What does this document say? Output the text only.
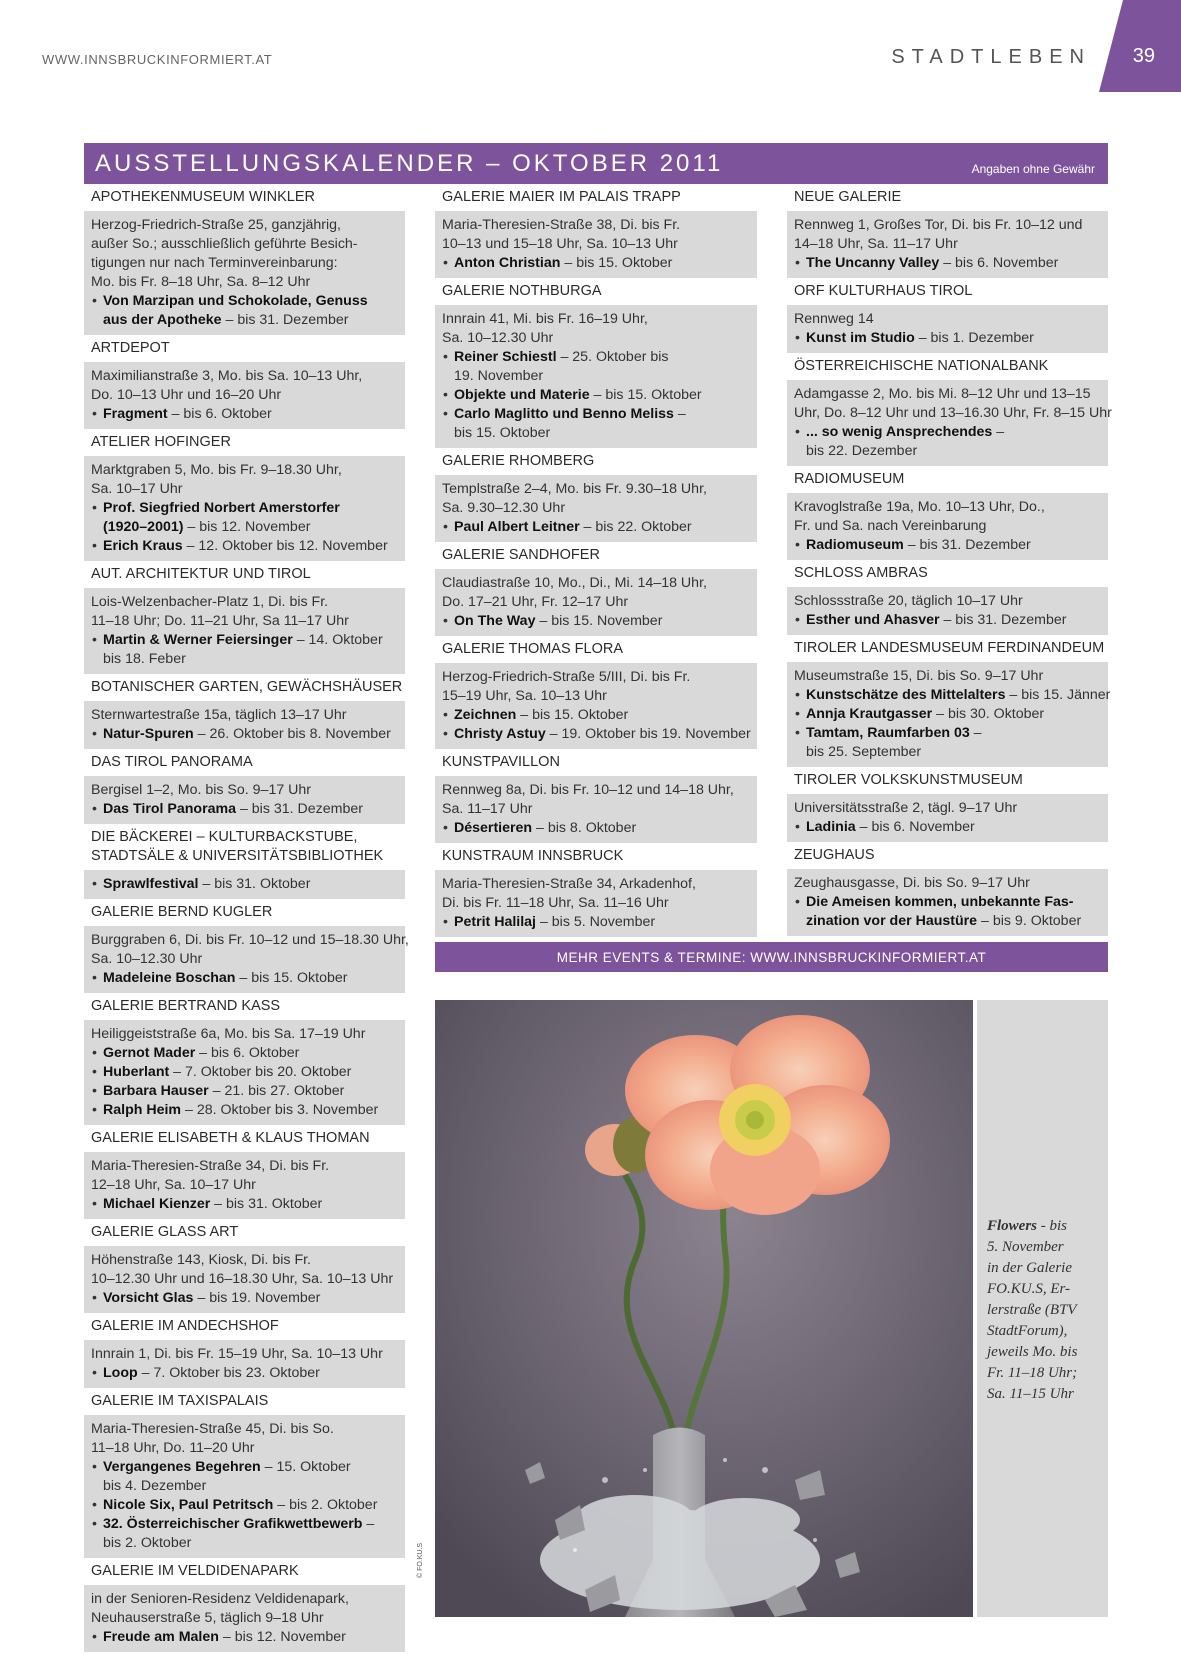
WWW.INNSBRUCKINFORMIERT.AT	STADTLEBEN 39
AUSSTELLUNGSKALENDER – OKTOBER 2011	Angaben ohne Gewähr
APOTHEKENMUSEUM WINKLER
Herzog-Friedrich-Straße 25, ganzjährig,
außer So.; ausschließlich geführte Besich-
tigungen nur nach Terminvereinbarung:
Mo. bis Fr. 8–18 Uhr, Sa. 8–12 Uhr
• Von Marzipan und Schokolade, Genuss
aus der Apotheke – bis 31. Dezember
ARTDEPOT
Maximilianstraße 3, Mo. bis Sa. 10–13 Uhr,
Do. 10–13 Uhr und 16–20 Uhr
• Fragment – bis 6. Oktober
ATELIER HOFINGER
Marktgraben 5, Mo. bis Fr. 9–18.30 Uhr,
Sa. 10–17 Uhr
• Prof. Siegfried Norbert Amerstorfer
(1920–2001) – bis 12. November
• Erich Kraus – 12. Oktober bis 12. November
AUT. ARCHITEKTUR UND TIROL
Lois-Welzenbacher-Platz 1, Di. bis Fr.
11–18 Uhr; Do. 11–21 Uhr, Sa 11–17 Uhr
• Martin & Werner Feiersinger – 14. Oktober
bis 18. Feber
BOTANISCHER GARTEN, GEWÄCHSHÄUSER
Sternwartestraße 15a, täglich 13–17 Uhr
• Natur-Spuren – 26. Oktober bis 8. November
DAS TIROL PANORAMA
Bergisel 1–2, Mo. bis So. 9–17 Uhr
• Das Tirol Panorama – bis 31. Dezember
DIE BÄCKEREI – KULTURBACKSTUBE,
STADTSÄLE & UNIVERSITÄTSBIBLIOTHEK
• Sprawlfestival – bis 31. Oktober
GALERIE BERND KUGLER
Burggraben 6, Di. bis Fr. 10–12 und 15–18.30 Uhr,
Sa. 10–12.30 Uhr
• Madeleine Boschan – bis 15. Oktober
GALERIE BERTRAND KASS
Heiliggeiststraße 6a, Mo. bis Sa. 17–19 Uhr
• Gernot Mader – bis 6. Oktober
• Huberlant – 7. Oktober bis 20. Oktober
• Barbara Hauser – 21. bis 27. Oktober
• Ralph Heim – 28. Oktober bis 3. November
GALERIE ELISABETH & KLAUS THOMAN
Maria-Theresien-Straße 34, Di. bis Fr.
12–18 Uhr, Sa. 10–17 Uhr
• Michael Kienzer – bis 31. Oktober
GALERIE GLASS ART
Höhenstraße 143, Kiosk, Di. bis Fr.
10–12.30 Uhr und 16–18.30 Uhr, Sa. 10–13 Uhr
• Vorsicht Glas – bis 19. November
GALERIE IM ANDECHSHOF
Innrain 1, Di. bis Fr. 15–19 Uhr, Sa. 10–13 Uhr
• Loop – 7. Oktober bis 23. Oktober
GALERIE IM TAXISPALAIS
Maria-Theresien-Straße 45, Di. bis So.
11–18 Uhr, Do. 11–20 Uhr
• Vergangenes Begehren – 15. Oktober
bis 4. Dezember
• Nicole Six, Paul Petritsch – bis 2. Oktober
• 32. Österreichischer Grafikwettbewerb –
bis 2. Oktober
GALERIE IM VELDIDENAPARK
in der Senioren-Residenz Veldidenapark,
Neuhauserstraße 5, täglich 9–18 Uhr
• Freude am Malen – bis 12. November
GALERIE MAIER IM PALAIS TRAPP
Maria-Theresien-Straße 38, Di. bis Fr.
10–13 und 15–18 Uhr, Sa. 10–13 Uhr
• Anton Christian – bis 15. Oktober
GALERIE NOTHBURGA
Innrain 41, Mi. bis Fr. 16–19 Uhr,
Sa. 10–12.30 Uhr
• Reiner Schiestl – 25. Oktober bis
19. November
• Objekte und Materie – bis 15. Oktober
• Carlo Maglitto und Benno Meliss –
bis 15. Oktober
GALERIE RHOMBERG
Templstraße 2–4, Mo. bis Fr. 9.30–18 Uhr,
Sa. 9.30–12.30 Uhr
• Paul Albert Leitner – bis 22. Oktober
GALERIE SANDHOFER
Claudiastraße 10, Mo., Di., Mi. 14–18 Uhr,
Do. 17–21 Uhr, Fr. 12–17 Uhr
• On The Way – bis 15. November
GALERIE THOMAS FLORA
Herzog-Friedrich-Straße 5/III, Di. bis Fr.
15–19 Uhr, Sa. 10–13 Uhr
• Zeichnen – bis 15. Oktober
• Christy Astuy – 19. Oktober bis 19. November
KUNSTPAVILLON
Rennweg 8a, Di. bis Fr. 10–12 und 14–18 Uhr,
Sa. 11–17 Uhr
• Désertieren – bis 8. Oktober
KUNSTRAUM INNSBRUCK
Maria-Theresien-Straße 34, Arkadenhof,
Di. bis Fr. 11–18 Uhr, Sa. 11–16 Uhr
• Petrit Halilaj – bis 5. November
NEUE GALERIE
Rennweg 1, Großes Tor, Di. bis Fr. 10–12 und
14–18 Uhr, Sa. 11–17 Uhr
• The Uncanny Valley – bis 6. November
ORF KULTURHAUS TIROL
Rennweg 14
• Kunst im Studio – bis 1. Dezember
ÖSTERREICHISCHE NATIONALBANK
Adamgasse 2, Mo. bis Mi. 8–12 Uhr und 13–15
Uhr, Do. 8–12 Uhr und 13–16.30 Uhr, Fr. 8–15 Uhr
• ... so wenig Ansprechendes –
bis 22. Dezember
RADIOMUSEUM
Kravoglstraße 19a, Mo. 10–13 Uhr, Do.,
Fr. und Sa. nach Vereinbarung
• Radiomuseum – bis 31. Dezember
SCHLOSS AMBRAS
Schlossstraße 20, täglich 10–17 Uhr
• Esther und Ahasver – bis 31. Dezember
TIROLER LANDESMUSEUM FERDINANDEUM
Museumstraße 15, Di. bis So. 9–17 Uhr
• Kunstschätze des Mittelalters – bis 15. Jänner
• Annja Krautgasser – bis 30. Oktober
• Tamtam, Raumfarben 03 –
bis 25. September
TIROLER VOLKSKUNSTMUSEUM
Universitätsstraße 2, tägl. 9–17 Uhr
• Ladinia – bis 6. November
ZEUGHAUS
Zeughausgasse, Di. bis So. 9–17 Uhr
• Die Ameisen kommen, unbekannte Fas-
zination vor der Haustüre – bis 9. Oktober
MEHR EVENTS & TERMINE: WWW.INNSBRUCKINFORMIERT.AT
© FO.KU.S
Flowers - bis
5. November
in der Galerie
FO.KU.S, Er-
lerstraße (BTV
StadtForum),
jeweils Mo. bis
Fr. 11–18 Uhr;
Sa. 11–15 Uhr
